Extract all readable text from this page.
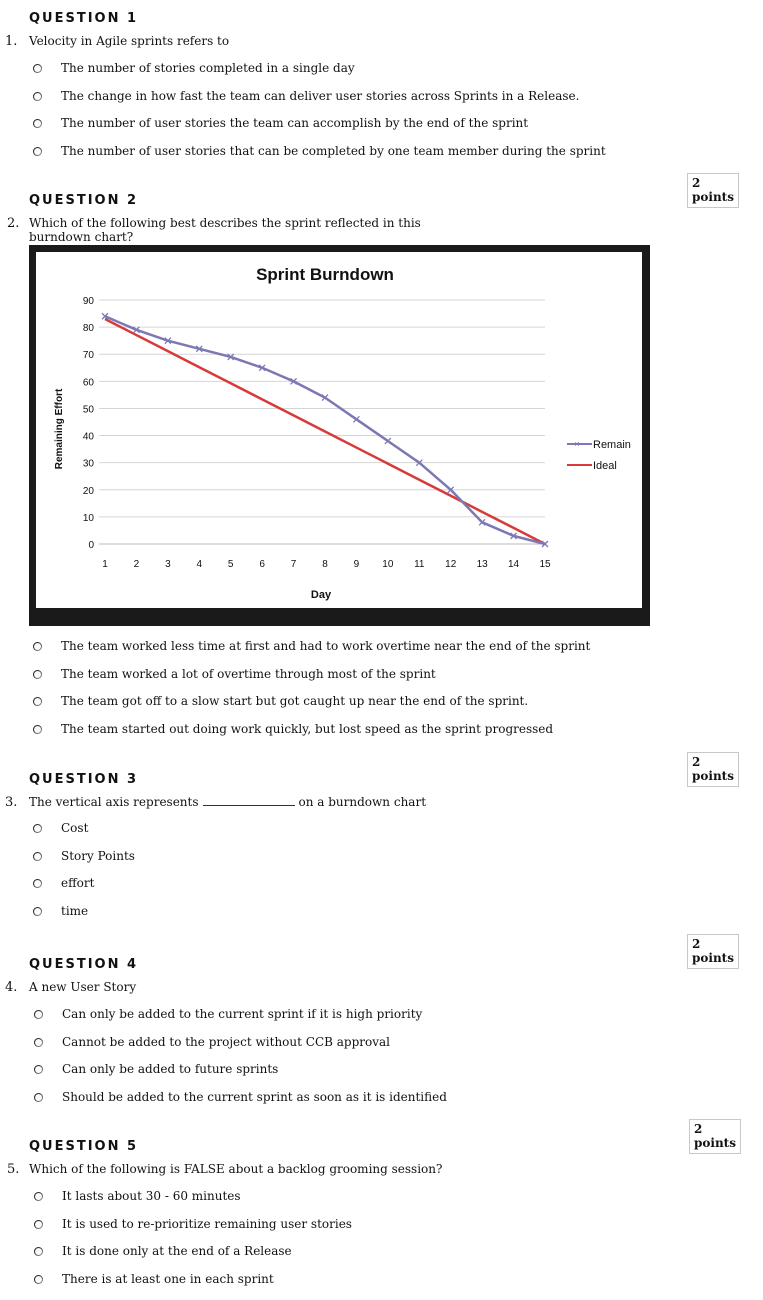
QUESTION 1
1. Velocity in Agile sprints refers to
The number of stories completed in a single day
The change in how fast the team can deliver user stories across Sprints in a Release.
The number of user stories the team can accomplish by the end of the sprint
The number of user stories that can be completed by one team member during the sprint
2 points
QUESTION 2
2. Which of the following best describes the sprint reflected in this
burndown chart?
Sprint Burndown
Day
Remaining Effort
0
10
20
30
40
50
60
70
80
90
1	2	3	4	5	6	7	8	9 10 11 12 13 14 15
× Remain
Ideal
The team worked less time at first and had to work overtime near the end of the sprint
The team worked a lot of overtime through most of the sprint
The team got off to a slow start but got caught up near the end of the sprint.
The team started out doing work quickly, but lost speed as the sprint progressed
2 points
QUESTION 3
3. The vertical axis represents	on a burndown chart
Cost
Story Points
effort
time
2 points
QUESTION 4
4. A new User Story
Can only be added to the current sprint if it is high priority
Cannot be added to the project without CCB approval
Can only be added to future sprints
Should be added to the current sprint as soon as it is identified
2 points
QUESTION 5
5. Which of the following is FALSE about a backlog grooming session?
It lasts about 30 - 60 minutes
It is used to re-prioritize remaining user stories
It is done only at the end of a Release
There is at least one in each sprint
